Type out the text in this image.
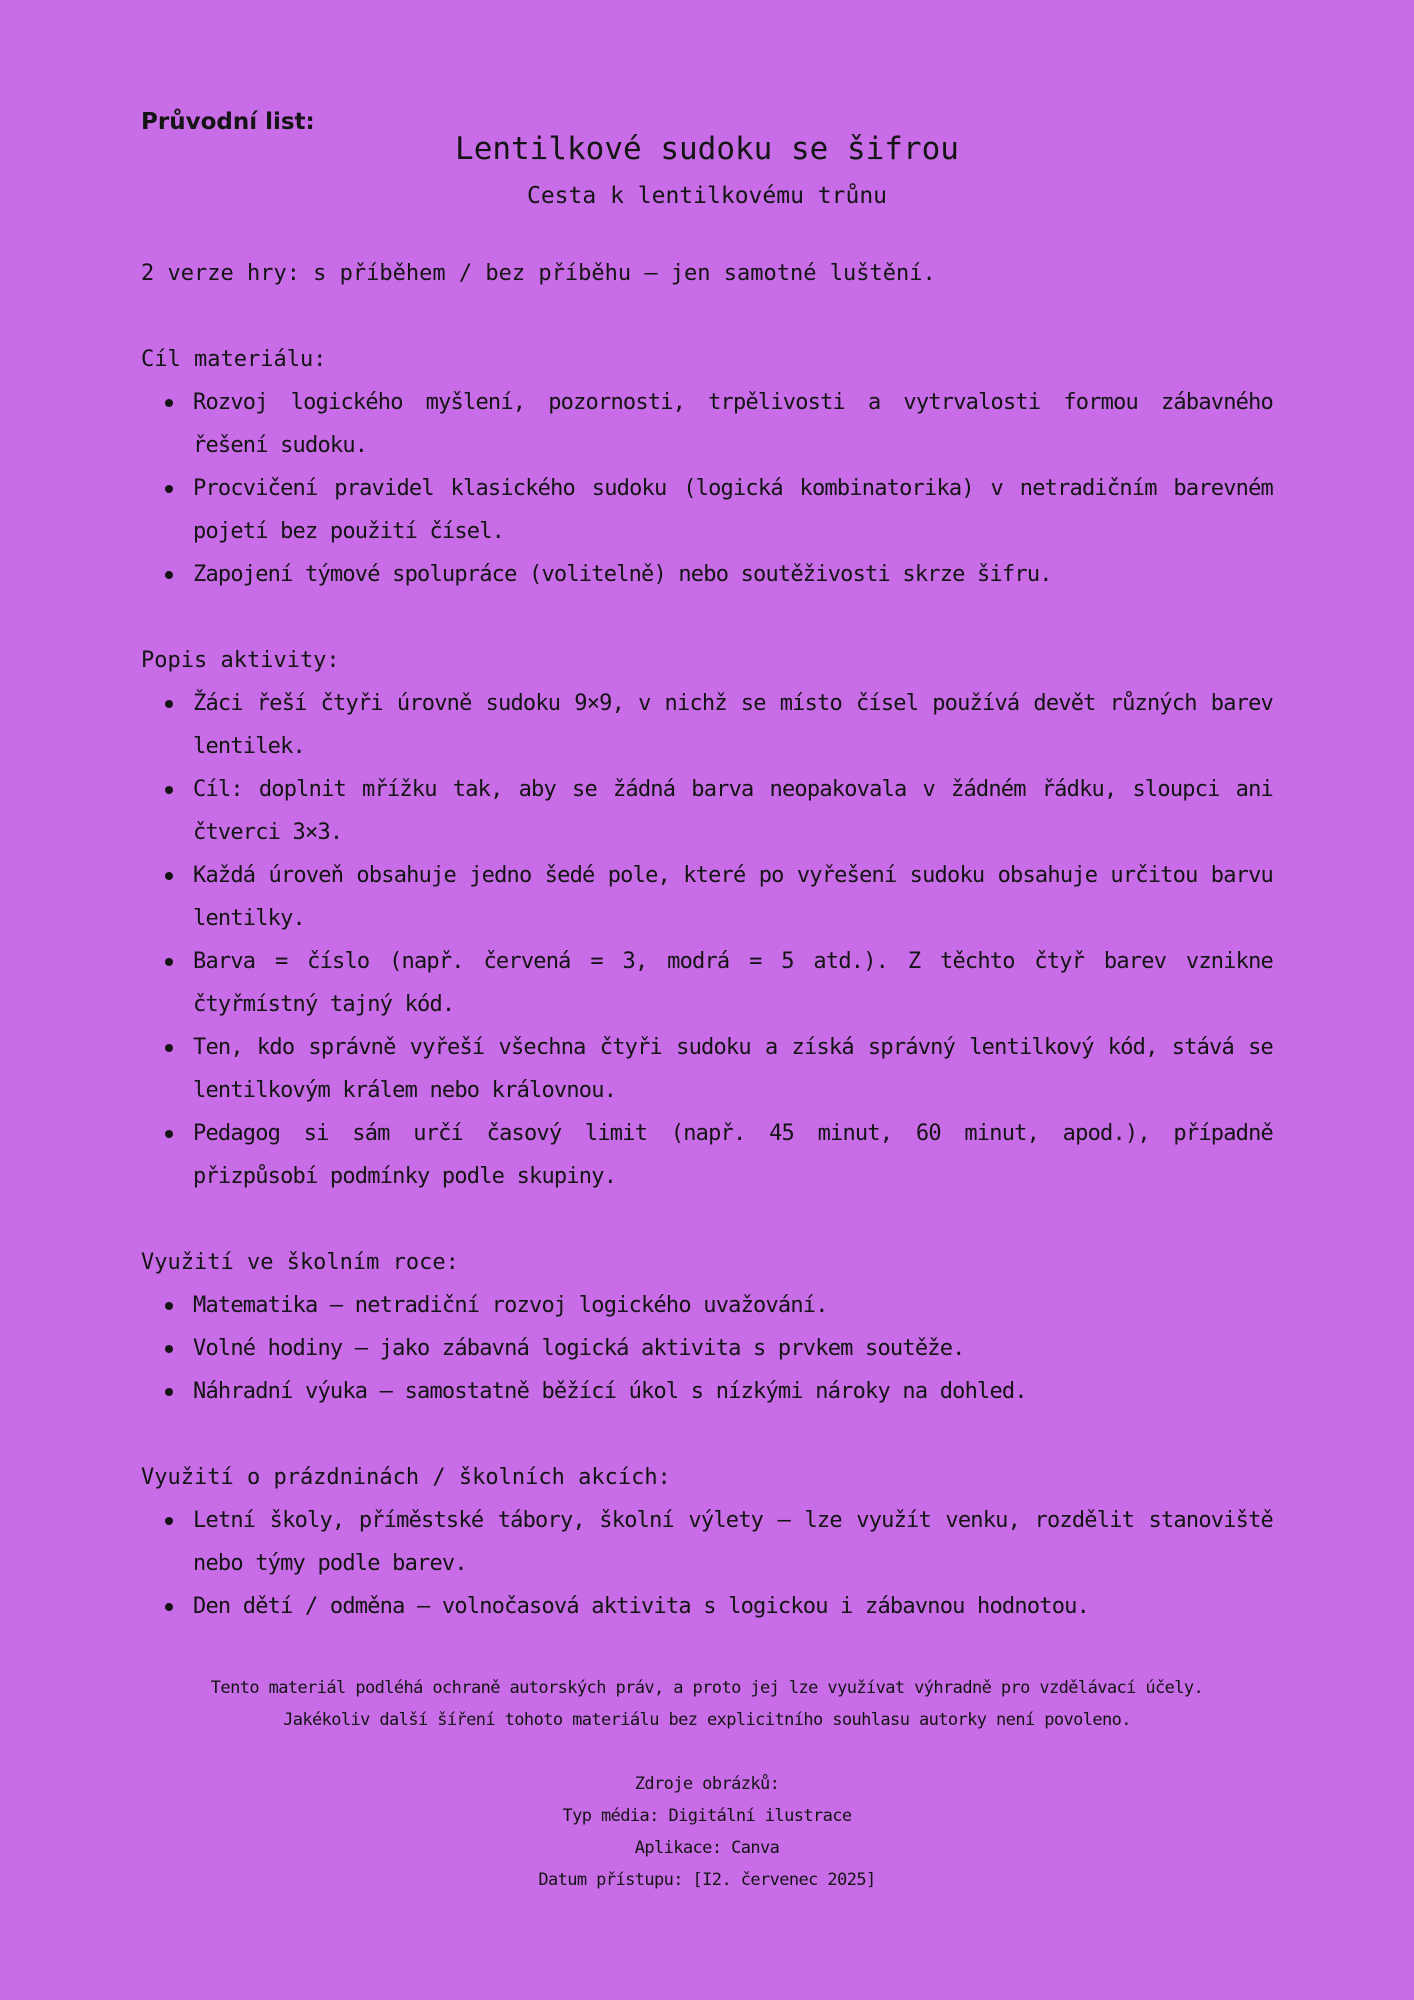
Průvodní list:
Lentilkové sudoku se šifrou
Cesta k lentilkovému trůnu
2 verze hry: s příběhem / bez příběhu – jen samotné luštění.
Cíl materiálu:
Rozvoj logického myšlení, pozornosti, trpělivosti a vytrvalosti formou zábavného řešení sudoku.
Procvičení pravidel klasického sudoku (logická kombinatorika) v netradičním barevném pojetí bez použití čísel.
Zapojení týmové spolupráce (volitelně) nebo soutěživosti skrze šifru.
Popis aktivity:
Žáci řeší čtyři úrovně sudoku 9×9, v nichž se místo čísel používá devět různých barev lentilek.
Cíl: doplnit mřížku tak, aby se žádná barva neopakovala v žádném řádku, sloupci ani čtverci 3×3.
Každá úroveň obsahuje jedno šedé pole, které po vyřešení sudoku obsahuje určitou barvu lentilky.
Barva = číslo (např. červená = 3, modrá = 5 atd.). Z těchto čtyř barev vznikne čtyřmístný tajný kód.
Ten, kdo správně vyřeší všechna čtyři sudoku a získá správný lentilkový kód, stává se lentilkovým králem nebo královnou.
Pedagog si sám určí časový limit (např. 45 minut, 60 minut, apod.), případně přizpůsobí podmínky podle skupiny.
Využití ve školním roce:
Matematika – netradiční rozvoj logického uvažování.
Volné hodiny – jako zábavná logická aktivita s prvkem soutěže.
Náhradní výuka – samostatně běžící úkol s nízkými nároky na dohled.
Využití o prázdninách / školních akcích:
Letní školy, příměstské tábory, školní výlety – lze využít venku, rozdělit stanoviště nebo týmy podle barev.
Den dětí / odměna – volnočasová aktivita s logickou i zábavnou hodnotou.
Tento materiál podléhá ochraně autorských práv, a proto jej lze využívat výhradně pro vzdělávací účely.
Jakékoliv další šíření tohoto materiálu bez explicitního souhlasu autorky není povoleno.
Zdroje obrázků:
Typ média: Digitální ilustrace
Aplikace: Canva
Datum přístupu: [I2. červenec 2025]
